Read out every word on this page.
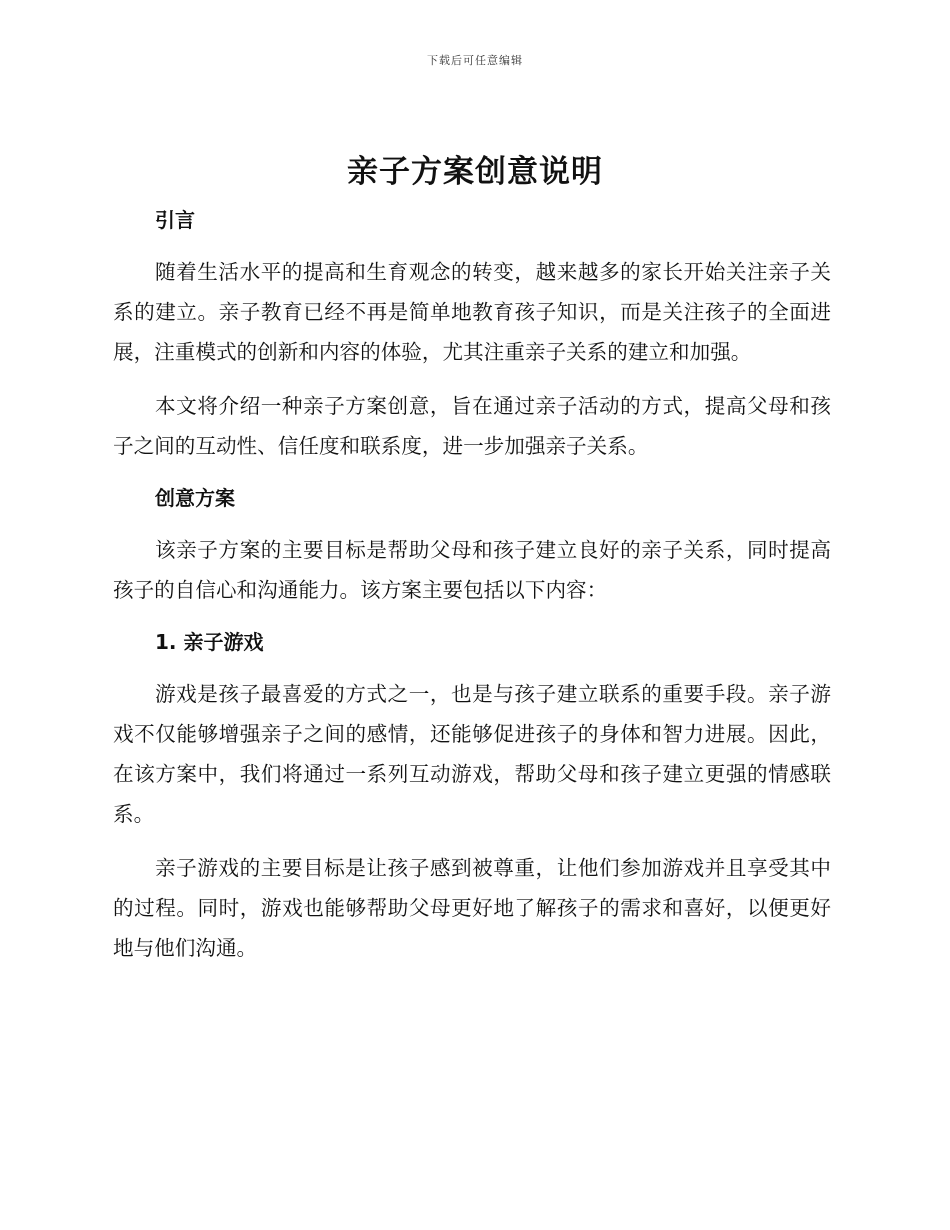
下载后可任意编辑
亲子方案创意说明

引言

随着生活水平的提高和生育观念的转变，越来越多的家长开始关注亲子关系的建立。亲子教育已经不再是简单地教育孩子知识，而是关注孩子的全面进展，注重模式的创新和内容的体验，尤其注重亲子关系的建立和加强。

本文将介绍一种亲子方案创意，旨在通过亲子活动的方式，提高父母和孩子之间的互动性、信任度和联系度，进一步加强亲子关系。

创意方案

该亲子方案的主要目标是帮助父母和孩子建立良好的亲子关系，同时提高孩子的自信心和沟通能力。该方案主要包括以下内容：

1. 亲子游戏

游戏是孩子最喜爱的方式之一，也是与孩子建立联系的重要手段。亲子游戏不仅能够增强亲子之间的感情，还能够促进孩子的身体和智力进展。因此，在该方案中，我们将通过一系列互动游戏，帮助父母和孩子建立更强的情感联系。

亲子游戏的主要目标是让孩子感到被尊重，让他们参加游戏并且享受其中的过程。同时，游戏也能够帮助父母更好地了解孩子的需求和喜好，以便更好地与他们沟通。
